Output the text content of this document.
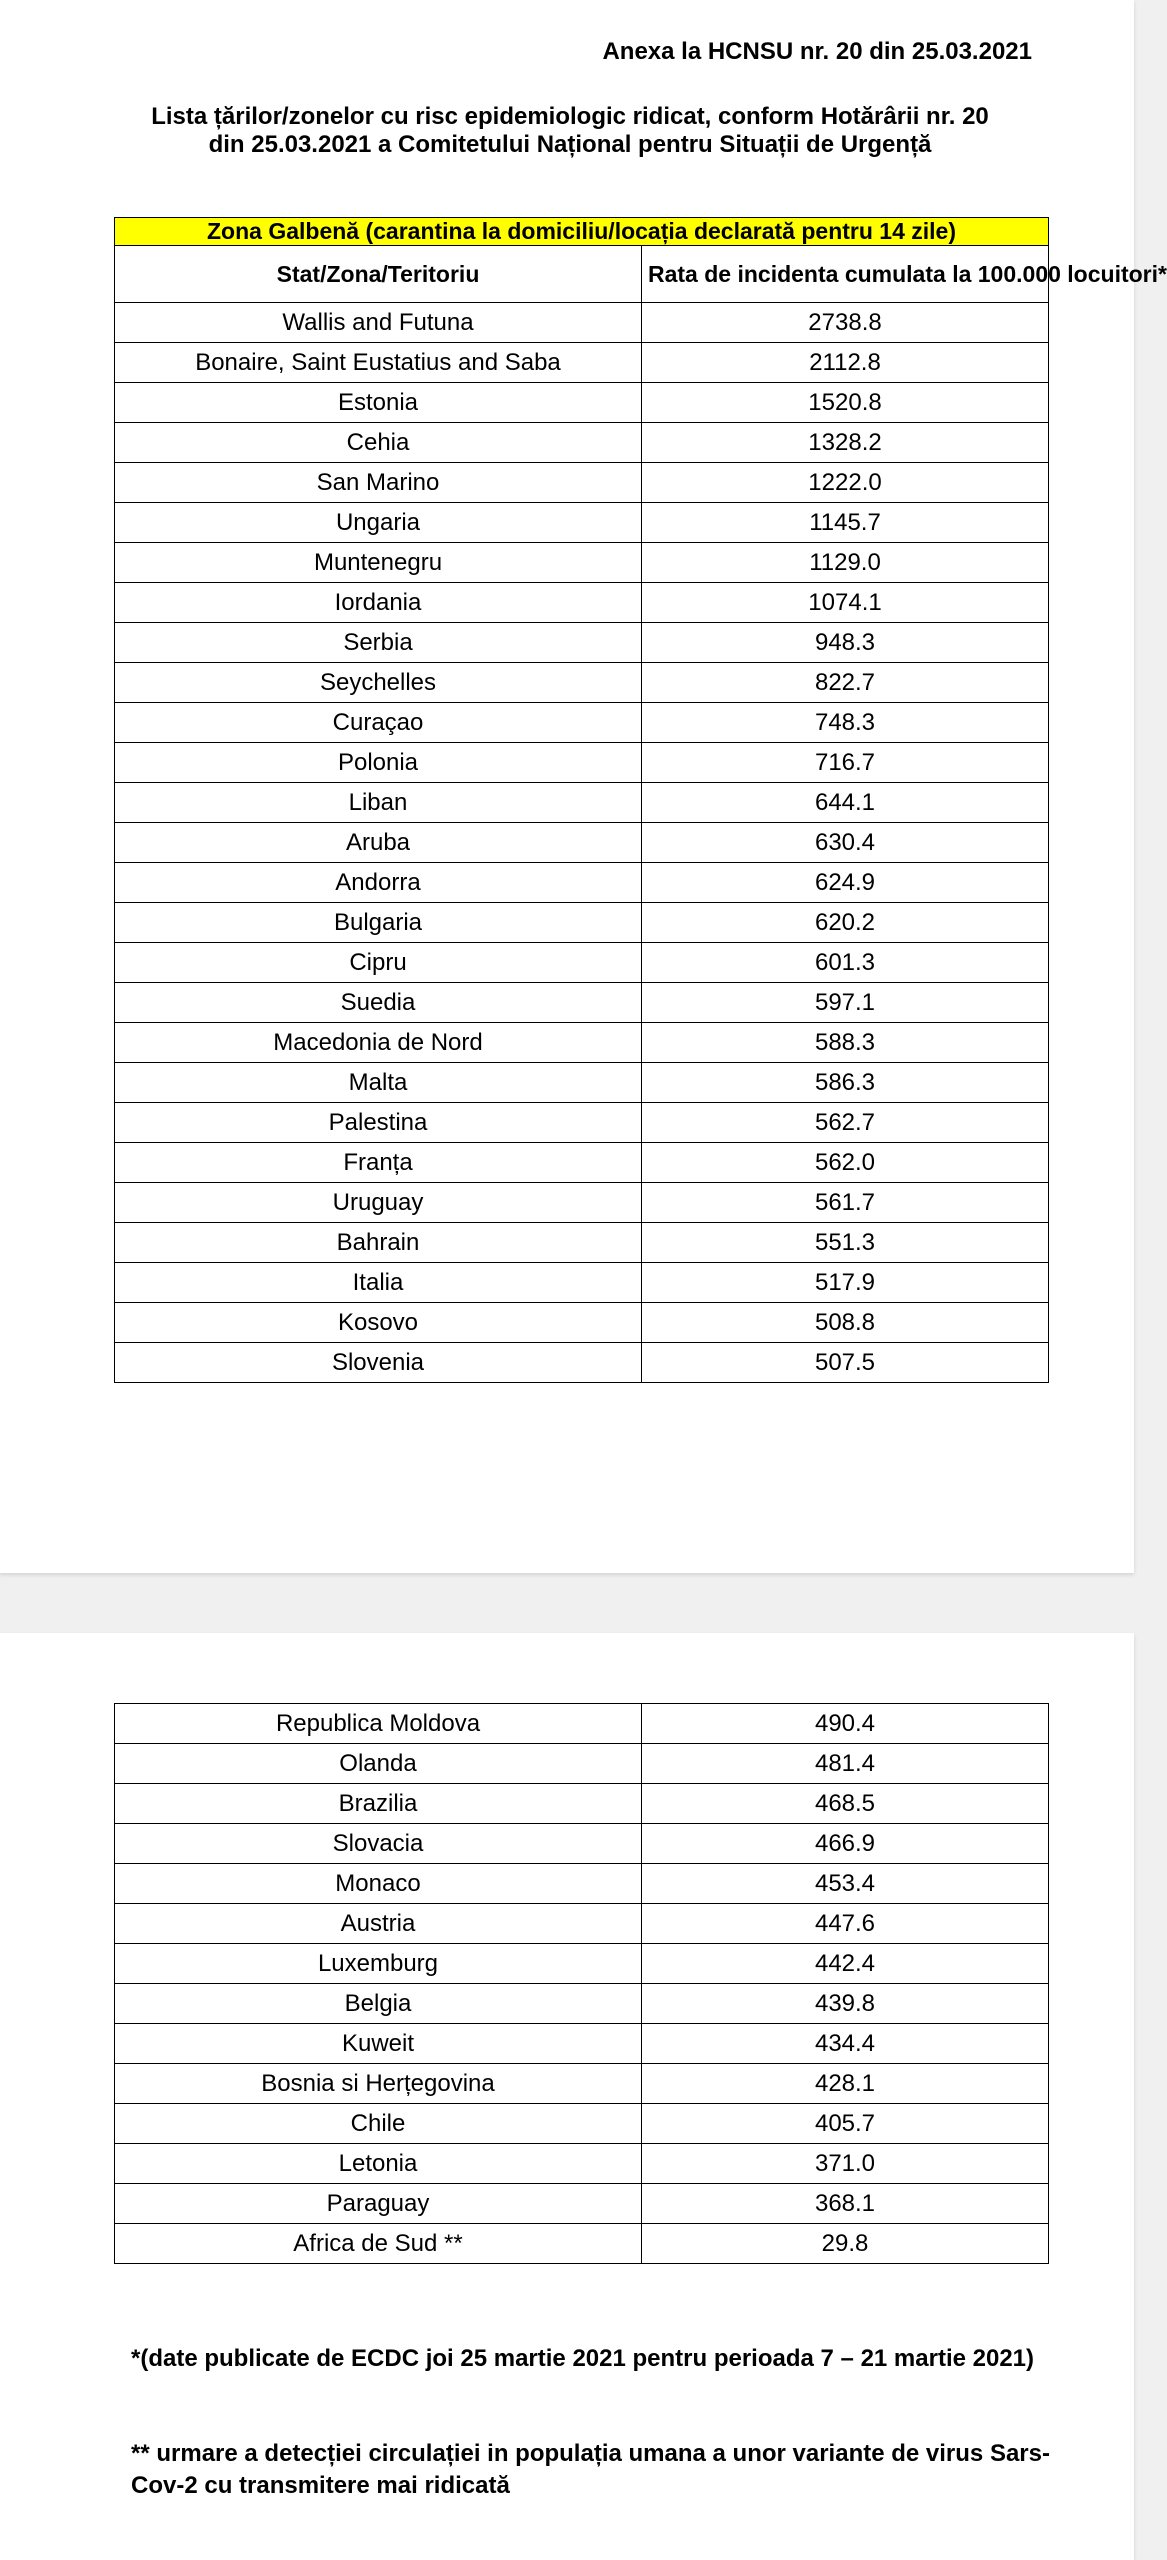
Anexa la HCNSU nr. 20 din 25.03.2021
Lista țărilor/zonelor cu risc epidemiologic ridicat, conform Hotărârii nr. 20 din 25.03.2021 a Comitetului Național pentru Situații de Urgență
Zona Galbenă (carantina la domiciliu/locația declarată pentru 14 zile)	
Stat/Zona/Teritoriu	Rata de incidenta cumulata la 100.000 locuitori*
Wallis and Futuna	2738.8
Bonaire, Saint Eustatius and Saba	2112.8
Estonia	1520.8
Cehia	1328.2
San Marino	1222.0
Ungaria	1145.7
Muntenegru	1129.0
Iordania	1074.1
Serbia	948.3
Seychelles	822.7
Curaçao	748.3
Polonia	716.7
Liban	644.1
Aruba	630.4
Andorra	624.9
Bulgaria	620.2
Cipru	601.3
Suedia	597.1
Macedonia de Nord	588.3
Malta	586.3
Palestina	562.7
Franța	562.0
Uruguay	561.7
Bahrain	551.3
Italia	517.9
Kosovo	508.8
Slovenia	507.5
Republica Moldova	490.4
Olanda	481.4
Brazilia	468.5
Slovacia	466.9
Monaco	453.4
Austria	447.6
Luxemburg	442.4
Belgia	439.8
Kuweit	434.4
Bosnia si Herțegovina	428.1
Chile	405.7
Letonia	371.0
Paraguay	368.1
Africa de Sud **	29.8
*(date publicate de ECDC joi 25 martie 2021 pentru perioada 7 – 21 martie 2021)
** urmare a detecției circulației in populația umana a unor variante de virus Sars-Cov-2 cu transmitere mai ridicată
